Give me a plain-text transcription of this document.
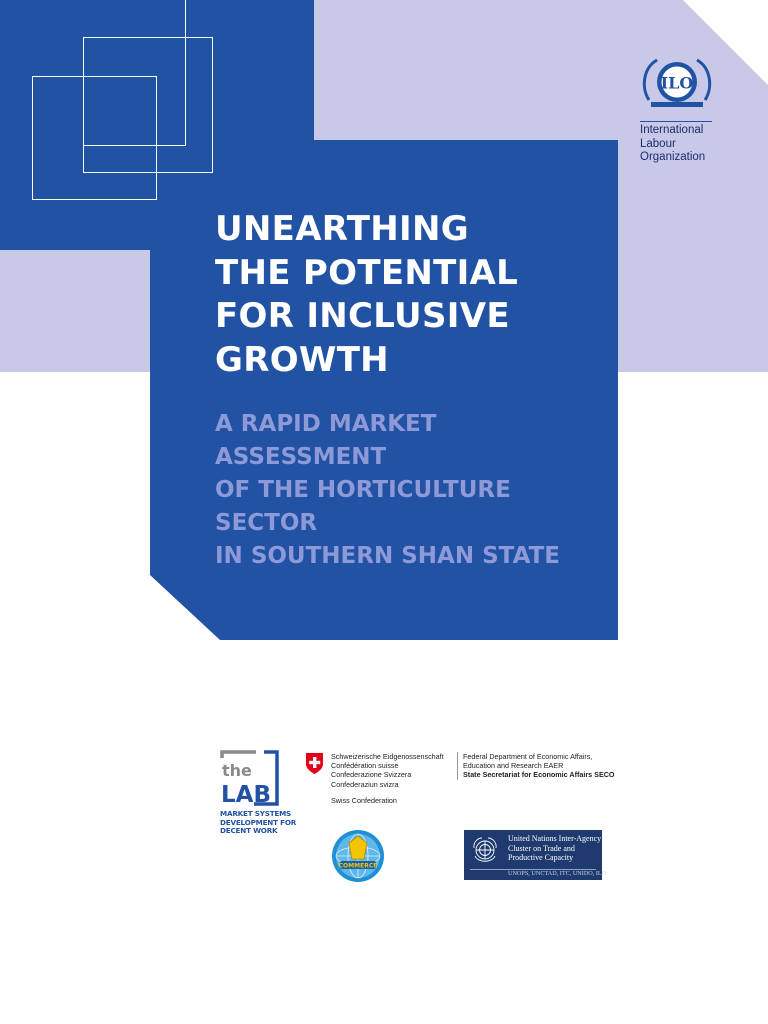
UNEARTHING
THE POTENTIAL
FOR INCLUSIVE
GROWTH
A RAPID MARKET ASSESSMENT
OF THE HORTICULTURE SECTOR
IN SOUTHERN SHAN STATE
ILO
International
Labour
Organization
the
LAB
MARKET SYSTEMS
DEVELOPMENT FOR
DECENT WORK
Schweizerische Eidgenossenschaft
Confédération suisse
Confederazione Svizzera
Confederaziun svizra
Federal Department of Economic Affairs,
Education and Research EAER
State Secretariat for Economic Affairs SECO
Swiss Confederation
COMMERCE
United Nations Inter-Agency
Cluster on Trade and
Productive Capacity
UNOPS, UNCTAD, ITC, UNIDO, ILO
